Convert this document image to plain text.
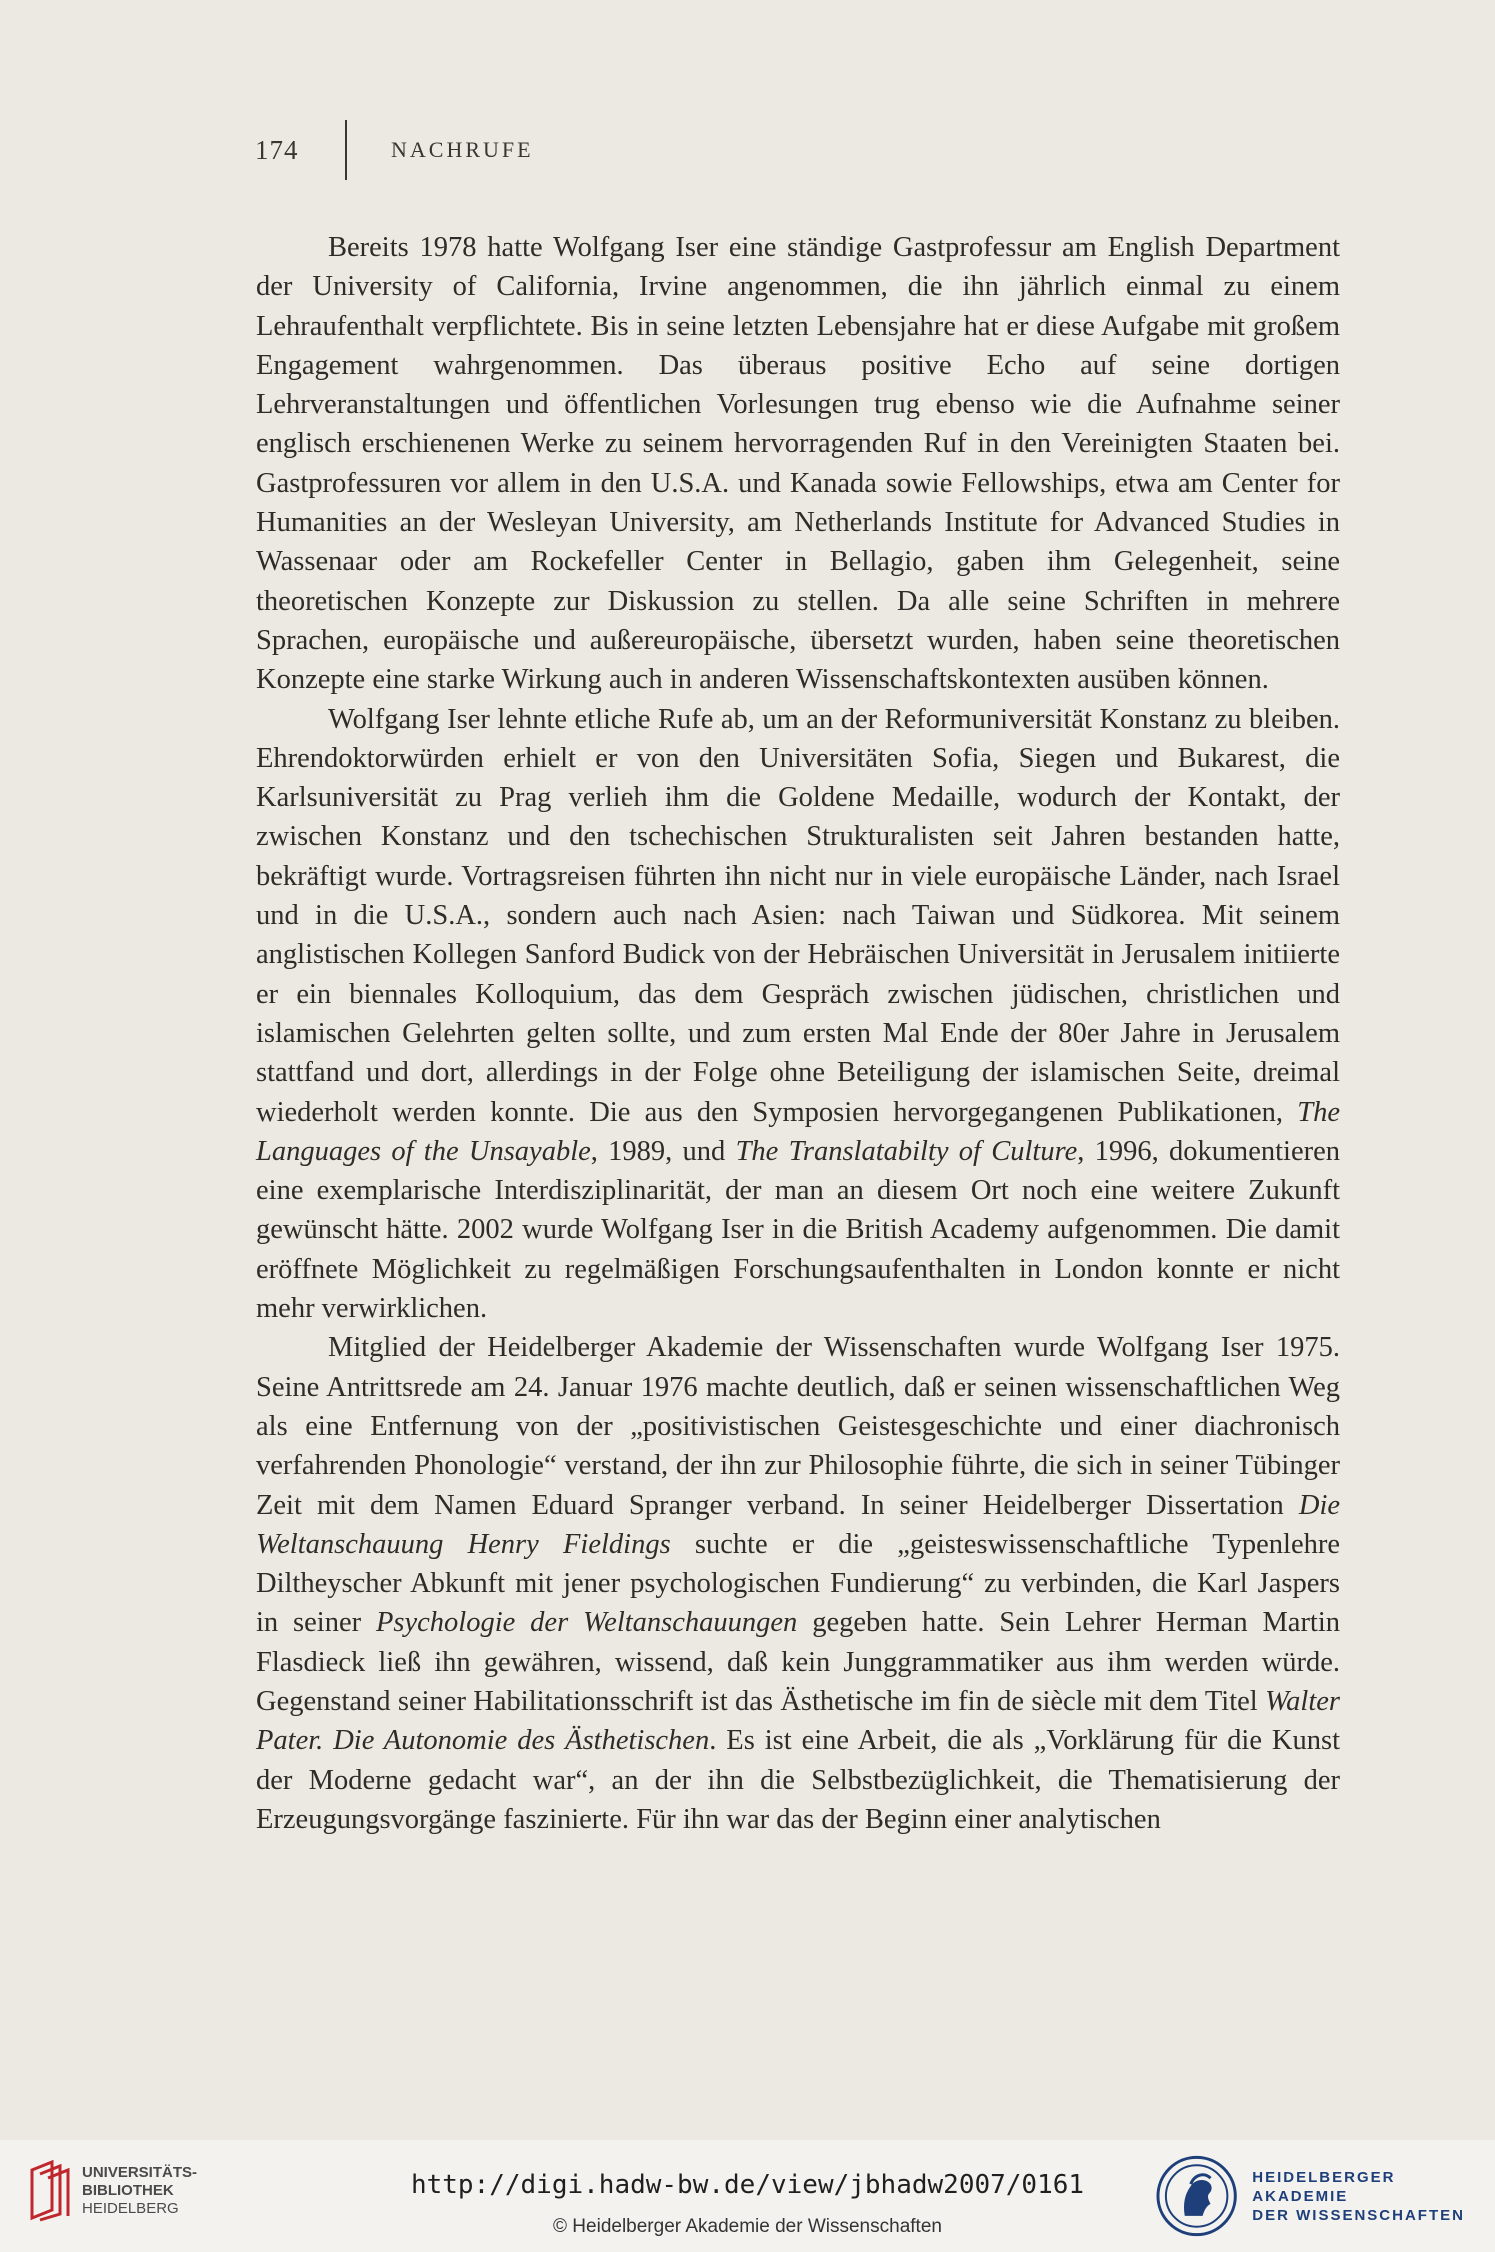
174	NACHRUFE

Bereits 1978 hatte Wolfgang Iser eine ständige Gastprofessur am English Department der University of California, Irvine angenommen, die ihn jährlich einmal zu einem Lehraufenthalt verpflichtete. Bis in seine letzten Lebensjahre hat er diese Aufgabe mit großem Engagement wahrgenommen. Das überaus positive Echo auf seine dortigen Lehrveranstaltungen und öffentlichen Vorlesungen trug ebenso wie die Aufnahme seiner englisch erschienenen Werke zu seinem hervorragenden Ruf in den Vereinigten Staaten bei. Gastprofessuren vor allem in den U.S.A. und Kanada sowie Fellowships, etwa am Center for Humanities an der Wesleyan University, am Netherlands Institute for Advanced Studies in Wassenaar oder am Rockefeller Center in Bellagio, gaben ihm Gelegenheit, seine theoretischen Konzepte zur Diskussion zu stellen. Da alle seine Schriften in mehrere Sprachen, europäische und außereuropäische, übersetzt wurden, haben seine theoretischen Konzepte eine starke Wirkung auch in anderen Wissenschaftskontexten ausüben können.

Wolfgang Iser lehnte etliche Rufe ab, um an der Reformuniversität Konstanz zu bleiben. Ehrendoktorwürden erhielt er von den Universitäten Sofia, Siegen und Bukarest, die Karlsuniversität zu Prag verlieh ihm die Goldene Medaille, wodurch der Kontakt, der zwischen Konstanz und den tschechischen Strukturalisten seit Jahren bestanden hatte, bekräftigt wurde. Vortragsreisen führten ihn nicht nur in viele europäische Länder, nach Israel und in die U.S.A., sondern auch nach Asien: nach Taiwan und Südkorea. Mit seinem anglistischen Kollegen Sanford Budick von der Hebräischen Universität in Jerusalem initiierte er ein biennales Kolloquium, das dem Gespräch zwischen jüdischen, christlichen und islamischen Gelehrten gelten sollte, und zum ersten Mal Ende der 80er Jahre in Jerusalem stattfand und dort, allerdings in der Folge ohne Beteiligung der islamischen Seite, dreimal wiederholt werden konnte. Die aus den Symposien hervorgegangenen Publikationen, The Languages of the Unsayable, 1989, und The Translatabilty of Culture, 1996, dokumentieren eine exemplarische Interdisziplinarität, der man an diesem Ort noch eine weitere Zukunft gewünscht hätte. 2002 wurde Wolfgang Iser in die British Academy aufgenommen. Die damit eröffnete Möglichkeit zu regelmäßigen Forschungsaufenthalten in London konnte er nicht mehr verwirklichen.

Mitglied der Heidelberger Akademie der Wissenschaften wurde Wolfgang Iser 1975. Seine Antrittsrede am 24. Januar 1976 machte deutlich, daß er seinen wissenschaftlichen Weg als eine Entfernung von der „positivistischen Geistesgeschichte und einer diachronisch verfahrenden Phonologie“ verstand, der ihn zur Philosophie führte, die sich in seiner Tübinger Zeit mit dem Namen Eduard Spranger verband. In seiner Heidelberger Dissertation Die Weltanschauung Henry Fieldings suchte er die „geisteswissenschaftliche Typenlehre Diltheyscher Abkunft mit jener psychologischen Fundierung“ zu verbinden, die Karl Jaspers in seiner Psychologie der Weltanschauungen gegeben hatte. Sein Lehrer Herman Martin Flasdieck ließ ihn gewähren, wissend, daß kein Junggrammatiker aus ihm werden würde. Gegenstand seiner Habilitationsschrift ist das Ästhetische im fin de siècle mit dem Titel Walter Pater. Die Autonomie des Ästhetischen. Es ist eine Arbeit, die als „Vorklärung für die Kunst der Moderne gedacht war“, an der ihn die Selbstbezüglichkeit, die Thematisierung der Erzeugungsvorgänge faszinierte. Für ihn war das der Beginn einer analytischen

UNIVERSITÄTS-
BIBLIOTHEK
HEIDELBERG
http://digi.hadw-bw.de/view/jbhadw2007/0161
© Heidelberger Akademie der Wissenschaften
HEIDELBERGER AKADEMIE
DER WISSENSCHAFTEN
